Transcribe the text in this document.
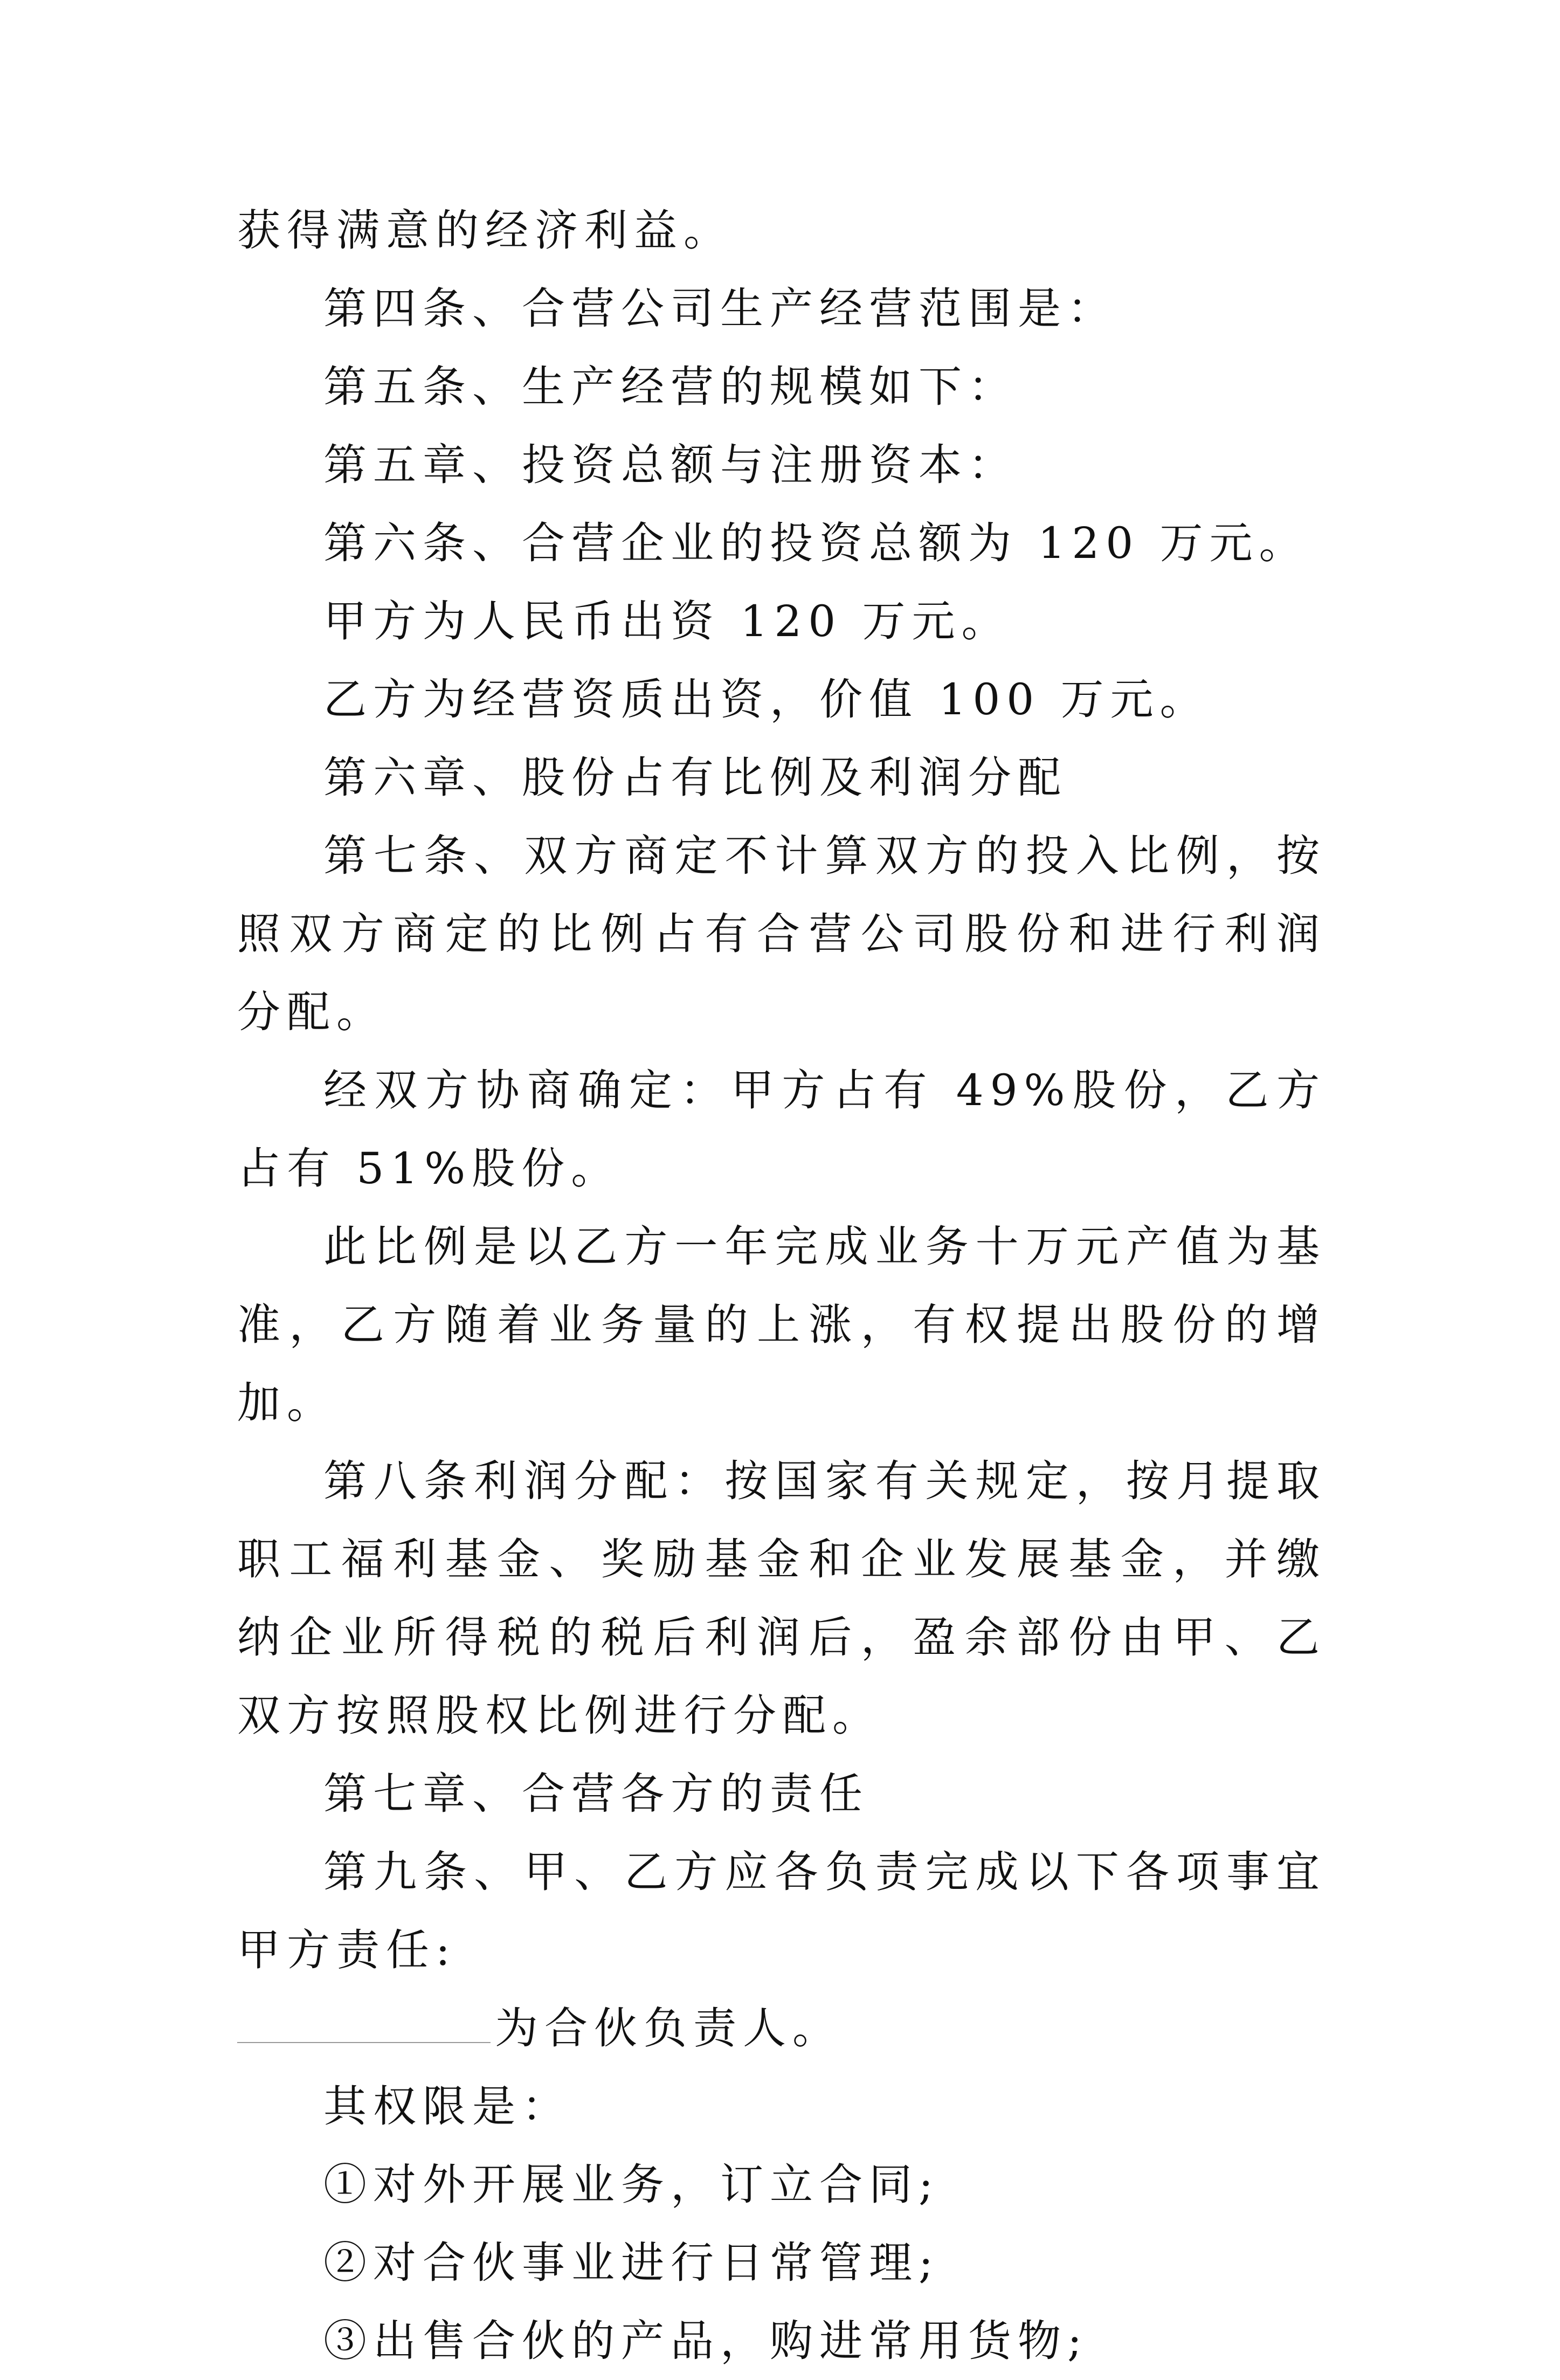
获得满意的经济利益。

第四条、合营公司生产经营范围是：

第五条、生产经营的规模如下：

第五章、投资总额与注册资本：

第六条、合营企业的投资总额为 120 万元。

甲方为人民币出资 120 万元。

乙方为经营资质出资，价值 100 万元。

第六章、股份占有比例及利润分配

第七条、双方商定不计算双方的投入比例，按照双方商定的比例占有合营公司股份和进行利润分配。

经双方协商确定：甲方占有 49%股份，乙方占有 51%股份。

此比例是以乙方一年完成业务十万元产值为基准，乙方随着业务量的上涨，有权提出股份的增加。

第八条利润分配：按国家有关规定，按月提取职工福利基金、奖励基金和企业发展基金，并缴纳企业所得税的税后利润后，盈余部份由甲、乙双方按照股权比例进行分配。

第七章、合营各方的责任

第九条、甲、乙方应各负责完成以下各项事宜甲方责任:

为合伙负责人。

其权限是：

①对外开展业务，订立合同;

②对合伙事业进行日常管理;

③出售合伙的产品，购进常用货物;
